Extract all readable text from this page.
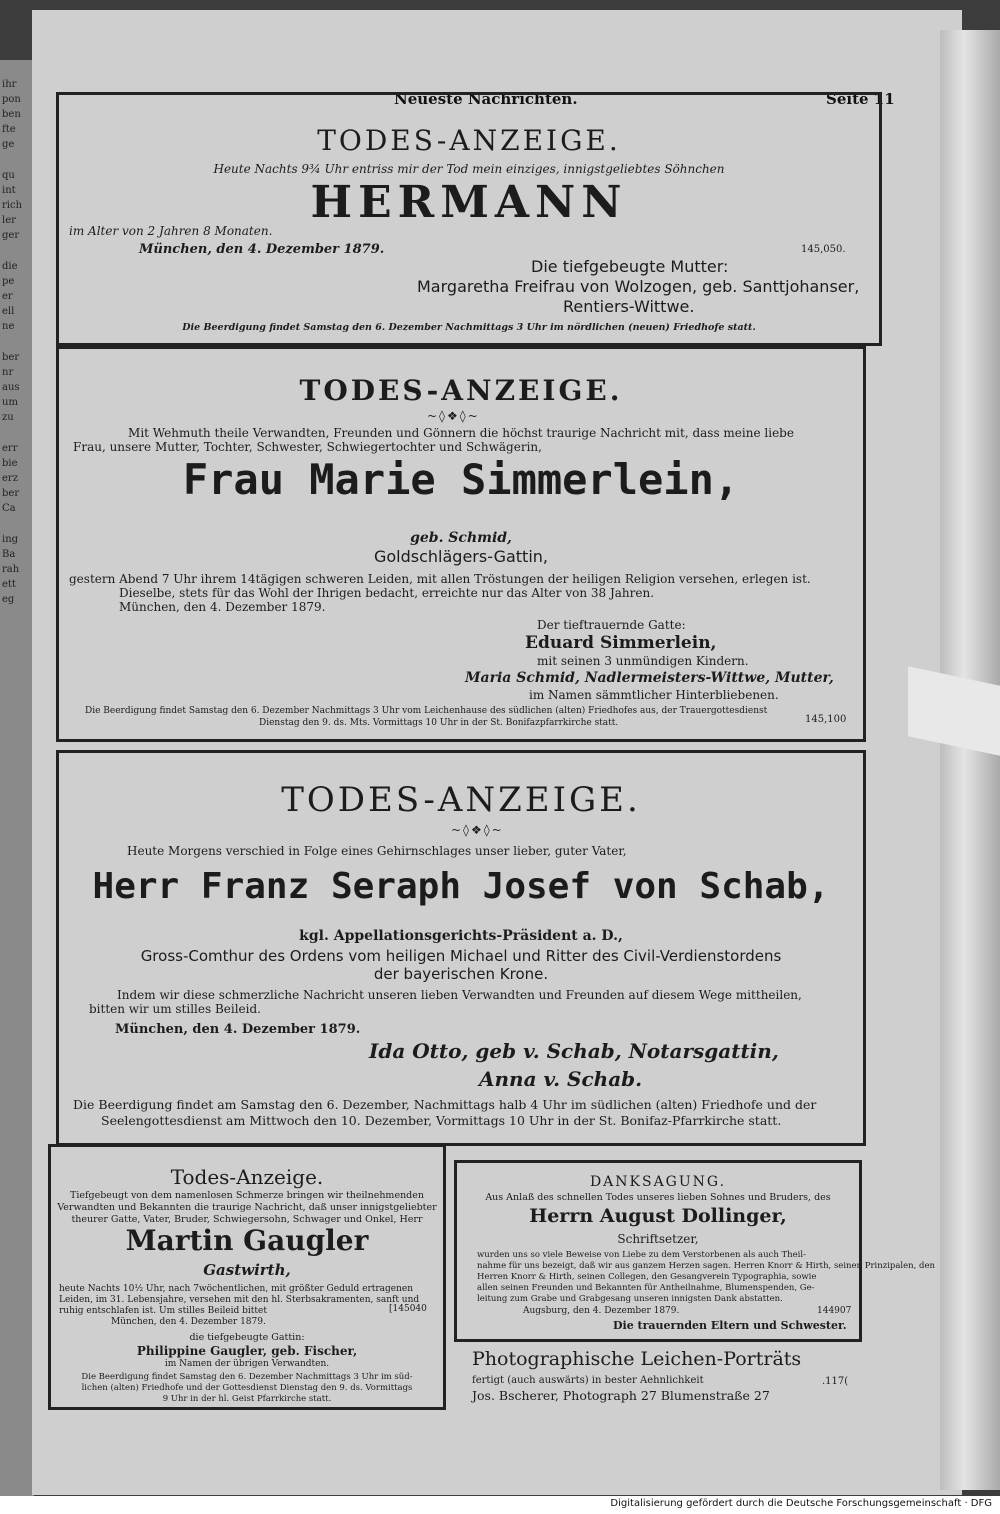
ihr
pon
ben
fte
ge
qu
int
rich
ler
ger
die
pe
er
ell
ne
ber
nr
aus
um
zu
err
bie
erz
ber
Ca
ing
Ba
rah
ett
eg
Neueste Nachrichten.	Seite 11
TODES-ANZEIGE.
Heute Nachts 9¾ Uhr entriss mir der Tod mein einziges, innigstgeliebtes Söhnchen
HERMANN
im Alter von 2 Jahren 8 Monaten.
München, den 4. Dezember 1879.	145,050.
Die tiefgebeugte Mutter:
Margaretha Freifrau von Wolzogen, geb. Santtjohanser,
Rentiers-Wittwe.
Die Beerdigung findet Samstag den 6. Dezember Nachmittags 3 Uhr im nördlichen (neuen) Friedhofe statt.
TODES-ANZEIGE.
~◊❖◊~
Mit Wehmuth theile Verwandten, Freunden und Gönnern die höchst traurige Nachricht mit, dass meine liebe
Frau, unsere Mutter, Tochter, Schwester, Schwiegertochter und Schwägerin,
Frau Marie Simmerlein,
geb. Schmid,
Goldschlägers-Gattin,
gestern Abend 7 Uhr ihrem 14tägigen schweren Leiden, mit allen Tröstungen der heiligen Religion versehen, erlegen ist.
Dieselbe, stets für das Wohl der Ihrigen bedacht, erreichte nur das Alter von 38 Jahren.
München, den 4. Dezember 1879.
Der tieftrauernde Gatte:
Eduard Simmerlein,
mit seinen 3 unmündigen Kindern.
Maria Schmid, Nadlermeisters-Wittwe, Mutter,
im Namen sämmtlicher Hinterbliebenen.
Die Beerdigung findet Samstag den 6. Dezember Nachmittags 3 Uhr vom Leichenhause des südlichen (alten) Friedhofes aus, der Trauergottesdienst
Dienstag den 9. ds. Mts. Vormittags 10 Uhr in der St. Bonifazpfarrkirche statt.	145,100
TODES-ANZEIGE.
~◊❖◊~
Heute Morgens verschied in Folge eines Gehirnschlages unser lieber, guter Vater,
Herr Franz Seraph Josef von Schab,
kgl. Appellationsgerichts-Präsident a. D.,
Gross-Comthur des Ordens vom heiligen Michael und Ritter des Civil-Verdienstordens
der bayerischen Krone.
Indem wir diese schmerzliche Nachricht unseren lieben Verwandten und Freunden auf diesem Wege mittheilen,
bitten wir um stilles Beileid.
München, den 4. Dezember 1879.
Ida Otto, geb v. Schab, Notarsgattin,
Anna v. Schab.
Die Beerdigung findet am Samstag den 6. Dezember, Nachmittags halb 4 Uhr im südlichen (alten) Friedhofe und der
Seelengottesdienst am Mittwoch den 10. Dezember, Vormittags 10 Uhr in der St. Bonifaz-Pfarrkirche statt.
Todes-Anzeige.
Tiefgebeugt von dem namenlosen Schmerze bringen wir theilnehmenden
Verwandten und Bekannten die traurige Nachricht, daß unser innigstgeliebter
theurer Gatte, Vater, Bruder, Schwiegersohn, Schwager und Onkel, Herr
Martin Gaugler
Gastwirth,
heute Nachts 10½ Uhr, nach 7wöchentlichen, mit größter Geduld ertragenen
Leiden, im 31. Lebensjahre, versehen mit den hl. Sterbsakramenten, sanft und
ruhig entschlafen ist. Um stilles Beileid bittet
München, den 4. Dezember 1879.
[145040
die tiefgebeugte Gattin:
Philippine Gaugler, geb. Fischer,
im Namen der übrigen Verwandten.
Die Beerdigung findet Samstag den 6. Dezember Nachmittags 3 Uhr im süd-
lichen (alten) Friedhofe und der Gottesdienst Dienstag den 9. ds. Vormittags
9 Uhr in der hl. Geist Pfarrkirche statt.
DANKSAGUNG.
Aus Anlaß des schnellen Todes unseres lieben Sohnes und Bruders, des
Herrn August Dollinger,
Schriftsetzer,
wurden uns so viele Beweise von Liebe zu dem Verstorbenen als auch Theil-
nahme für uns bezeigt, daß wir aus ganzem Herzen sagen. Herren Knorr & Hirth, seinen Prinzipalen, den
Herren Knorr & Hirth, seinen Collegen, den Gesangverein Typographia, sowie
allen seinen Freunden und Bekannten für Antheilnahme, Blumenspenden, Ge-
leitung zum Grabe und Grabgesang unseren innigsten Dank abstatten.
Augsburg, den 4. Dezember 1879.	144907
Die trauernden Eltern und Schwester.
Photographische Leichen-Porträts
fertigt (auch auswärts) in bester Aehnlichkeit	.117(
Jos. Bscherer, Photograph 27 Blumenstraße 27
Digitalisierung gefördert durch die Deutsche Forschungsgemeinschaft · DFG
